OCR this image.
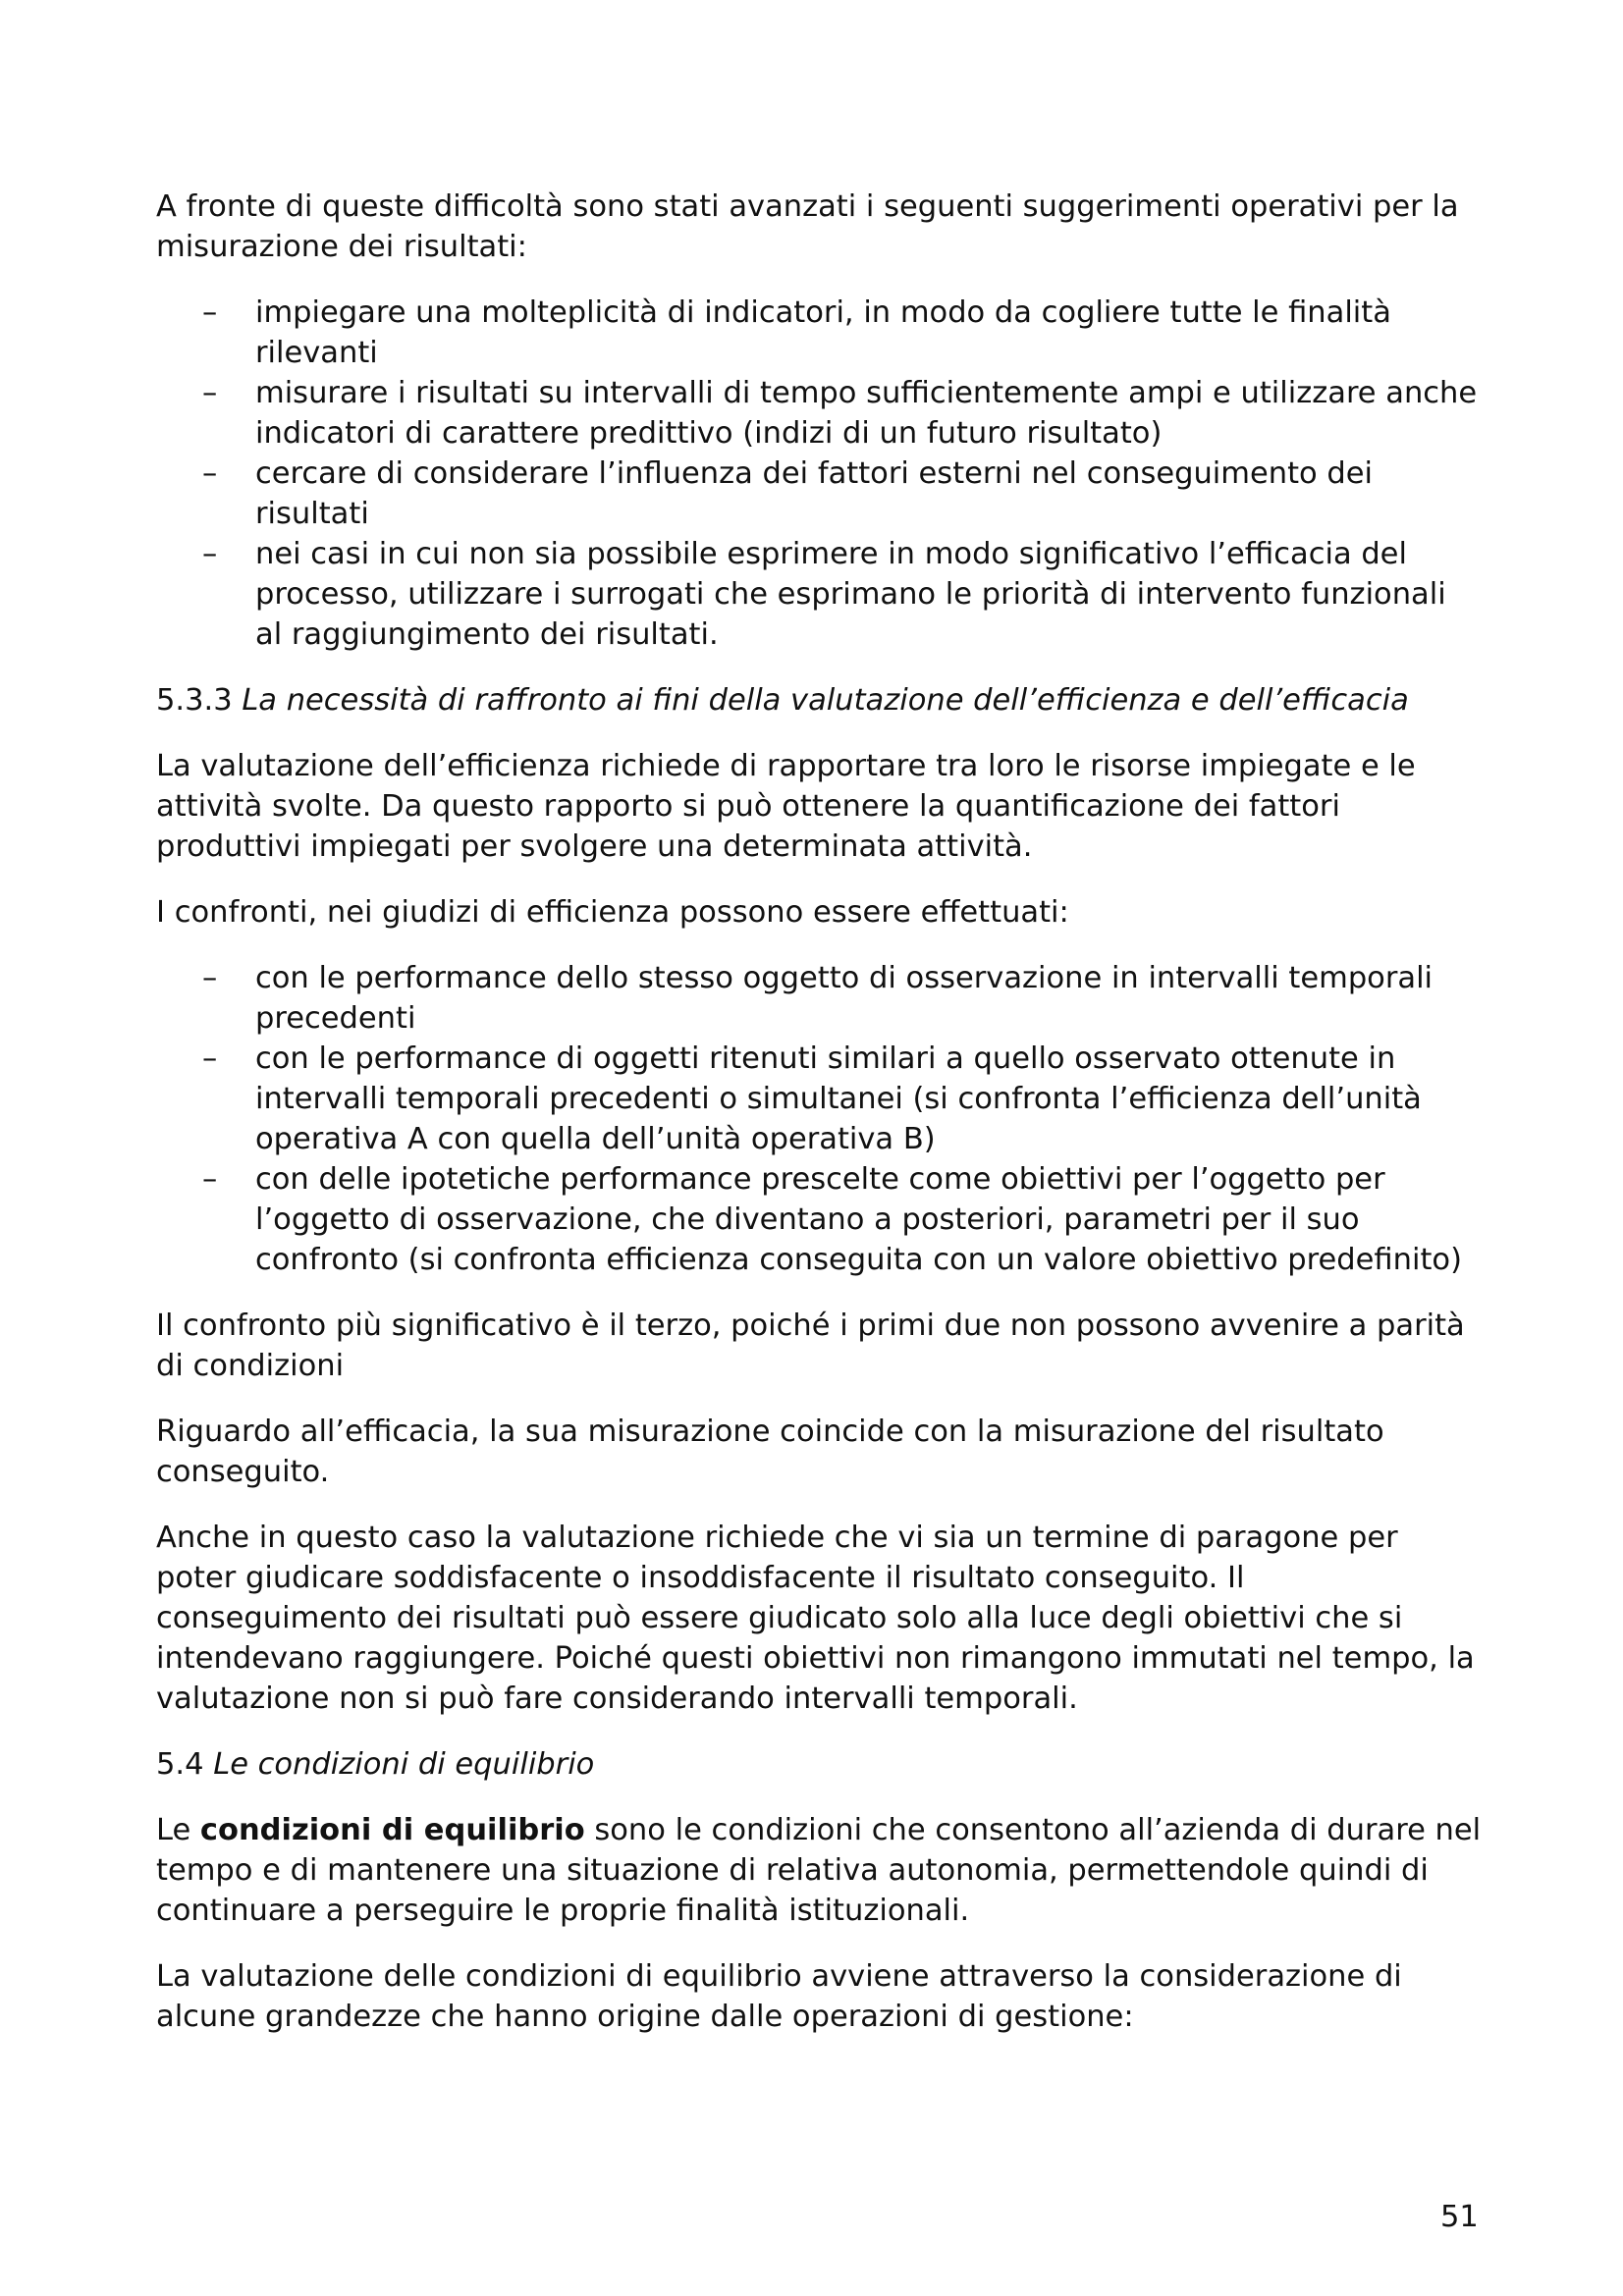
A fronte di queste difficoltà sono stati avanzati i seguenti suggerimenti operativi per la misurazione dei risultati:

– impiegare una molteplicità di indicatori, in modo da cogliere tutte le finalità rilevanti
– misurare i risultati su intervalli di tempo sufficientemente ampi e utilizzare anche indicatori di carattere predittivo (indizi di un futuro risultato)
– cercare di considerare l’influenza dei fattori esterni nel conseguimento dei risultati
– nei casi in cui non sia possibile esprimere in modo significativo l’efficacia del processo, utilizzare i surrogati che esprimano le priorità di intervento funzionali al raggiungimento dei risultati.

5.3.3 La necessità di raffronto ai fini della valutazione dell’efficienza e dell’efficacia

La valutazione dell’efficienza richiede di rapportare tra loro le risorse impiegate e le attività svolte. Da questo rapporto si può ottenere la quantificazione dei fattori produttivi impiegati per svolgere una determinata attività.

I confronti, nei giudizi di efficienza possono essere effettuati:

– con le performance dello stesso oggetto di osservazione in intervalli temporali precedenti
– con le performance di oggetti ritenuti similari a quello osservato ottenute in intervalli temporali precedenti o simultanei (si confronta l’efficienza dell’unità operativa A con quella dell’unità operativa B)
– con delle ipotetiche performance prescelte come obiettivi per l’oggetto per l’oggetto di osservazione, che diventano a posteriori, parametri per il suo confronto (si confronta efficienza conseguita con un valore obiettivo predefinito)

Il confronto più significativo è il terzo, poiché i primi due non possono avvenire a parità di condizioni

Riguardo all’efficacia, la sua misurazione coincide con la misurazione del risultato conseguito.

Anche in questo caso la valutazione richiede che vi sia un termine di paragone per poter giudicare soddisfacente o insoddisfacente il risultato conseguito. Il conseguimento dei risultati può essere giudicato solo alla luce degli obiettivi che si intendevano raggiungere. Poiché questi obiettivi non rimangono immutati nel tempo, la valutazione non si può fare considerando intervalli temporali.

5.4 Le condizioni di equilibrio

Le condizioni di equilibrio sono le condizioni che consentono all’azienda di durare nel tempo e di mantenere una situazione di relativa autonomia, permettendole quindi di continuare a perseguire le proprie finalità istituzionali.

La valutazione delle condizioni di equilibrio avviene attraverso la considerazione di alcune grandezze che hanno origine dalle operazioni di gestione:

51
